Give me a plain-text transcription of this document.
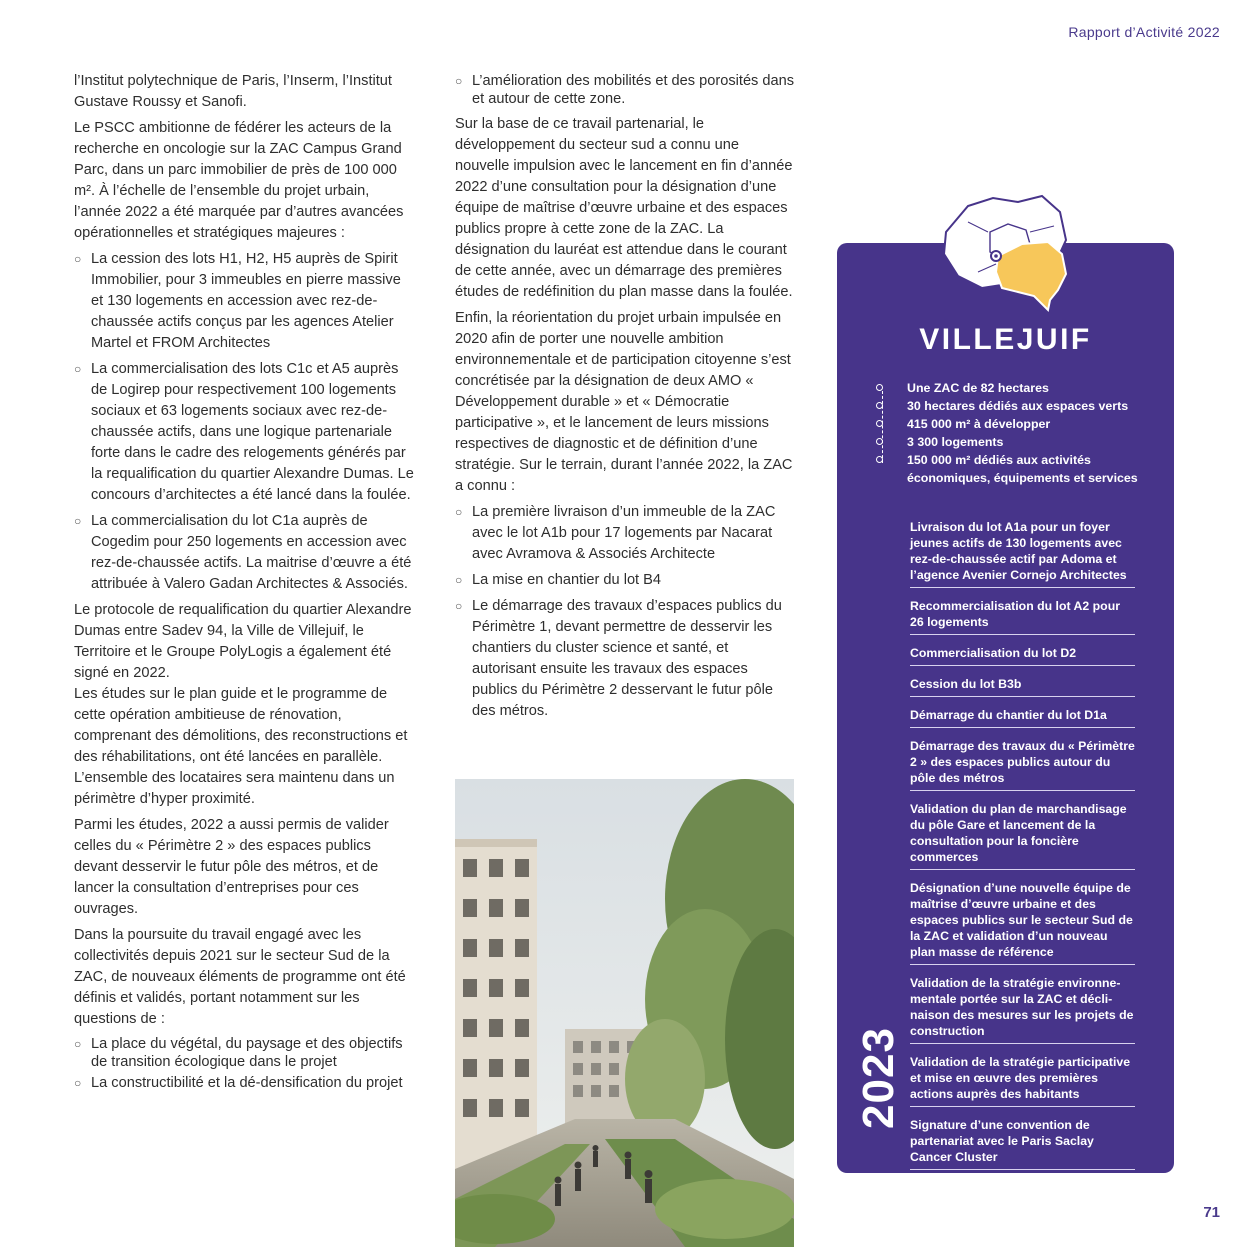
Rapport d’Activité 2022

l’Institut polytechnique de Paris, l’Inserm, l’Institut Gustave Roussy et Sanofi.

Le PSCC ambitionne de fédérer les acteurs de la recherche en oncologie sur la ZAC Campus Grand Parc, dans un parc immobilier de près de 100 000 m². À l’échelle de l’ensemble du projet urbain, l’année 2022 a été marquée par d’autres avancées opérationnelles et stratégiques majeures :

○ La cession des lots H1, H2, H5 auprès de Spirit Immobilier, pour 3 immeubles en pierre massive et 130 logements en accession avec rez-de-chaussée actifs conçus par les agences Atelier Martel et FROM Architectes
○ La commercialisation des lots C1c et A5 auprès de Logirep pour respectivement 100 logements sociaux et 63 logements sociaux avec rez-de-chaussée actifs, dans une logique partenariale forte dans le cadre des relogements générés par la requalification du quartier Alexandre Dumas. Le concours d’architectes a été lancé dans la foulée.
○ La commercialisation du lot C1a auprès de Cogedim pour 250 logements en accession avec rez-de-chaussée actifs. La maitrise d’œuvre a été attribuée à Valero Gadan Architectes & Associés.

Le protocole de requalification du quartier Alexandre Dumas entre Sadev 94, la Ville de Villejuif, le Territoire et le Groupe PolyLogis a également été signé en 2022.

Les études sur le plan guide et le programme de cette opération ambitieuse de rénovation, comprenant des démolitions, des reconstructions et des réhabilitations, ont été lancées en parallèle. L’ensemble des locataires sera maintenu dans un périmètre d’hyper proximité.

Parmi les études, 2022 a aussi permis de valider celles du « Périmètre 2 » des espaces publics devant desservir le futur pôle des métros, et de lancer la consultation d’entreprises pour ces ouvrages.

Dans la poursuite du travail engagé avec les collectivités depuis 2021 sur le secteur Sud de la ZAC, de nouveaux éléments de programme ont été définis et validés, portant notamment sur les questions de :

○ La place du végétal, du paysage et des objectifs de transition écologique dans le projet
○ La constructibilité et la dé-densification du projet
○ L’amélioration des mobilités et des porosités dans et autour de cette zone.

Sur la base de ce travail partenarial, le développement du secteur sud a connu une nouvelle impulsion avec le lancement en fin d’année 2022 d’une consultation pour la désignation d’une équipe de maîtrise d’œuvre urbaine et des espaces publics propre à cette zone de la ZAC. La désignation du lauréat est attendue dans le courant de cette année, avec un démarrage des premières études de redéfinition du plan masse dans la foulée.

Enfin, la réorientation du projet urbain impulsée en 2020 afin de porter une nouvelle ambition environnementale et de participation citoyenne s’est concrétisée par la désignation de deux AMO « Développement durable » et « Démocratie participative », et le lancement de leurs missions respectives de diagnostic et de définition d’une stratégie. Sur le terrain, durant l’année 2022, la ZAC a connu :

○ La première livraison d’un immeuble de la ZAC avec le lot A1b pour 17 logements par Nacarat avec Avramova & Associés Architecte
○ La mise en chantier du lot B4
○ Le démarrage des travaux d’espaces publics du Périmètre 1, devant permettre de desservir les chantiers du cluster science et santé, et autorisant ensuite les travaux des espaces publics du Périmètre 2 desservant le futur pôle des métros.
VILLEJUIF
Une ZAC de 82 hectares
30 hectares dédiés aux espaces verts
415 000 m² à développer
3 300 logements
150 000 m² dédiés aux activités économiques, équipements et services
2023
Livraison du lot A1a pour un foyer jeunes actifs de 130 logements avec rez-de-chaussée actif par Adoma et l’agence Avenier Cornejo Architectes
Recommercialisation du lot A2 pour 26 logements
Commercialisation du lot D2
Cession du lot B3b
Démarrage du chantier du lot D1a
Démarrage des travaux du « Périmètre 2 » des espaces publics autour du pôle des métros
Validation du plan de marchandisage du pôle Gare et lancement de la consultation pour la foncière commerces
Désignation d’une nouvelle équipe de maîtrise d’œuvre urbaine et des espaces publics sur le secteur Sud de la ZAC et validation d’un nouveau plan masse de référence
Validation de la stratégie environne-mentale portée sur la ZAC et décli-naison des mesures sur les projets de construction
Validation de la stratégie participative et mise en œuvre des premières actions auprès des habitants
Signature d’une convention de partenariat avec le Paris Saclay Cancer Cluster
71
